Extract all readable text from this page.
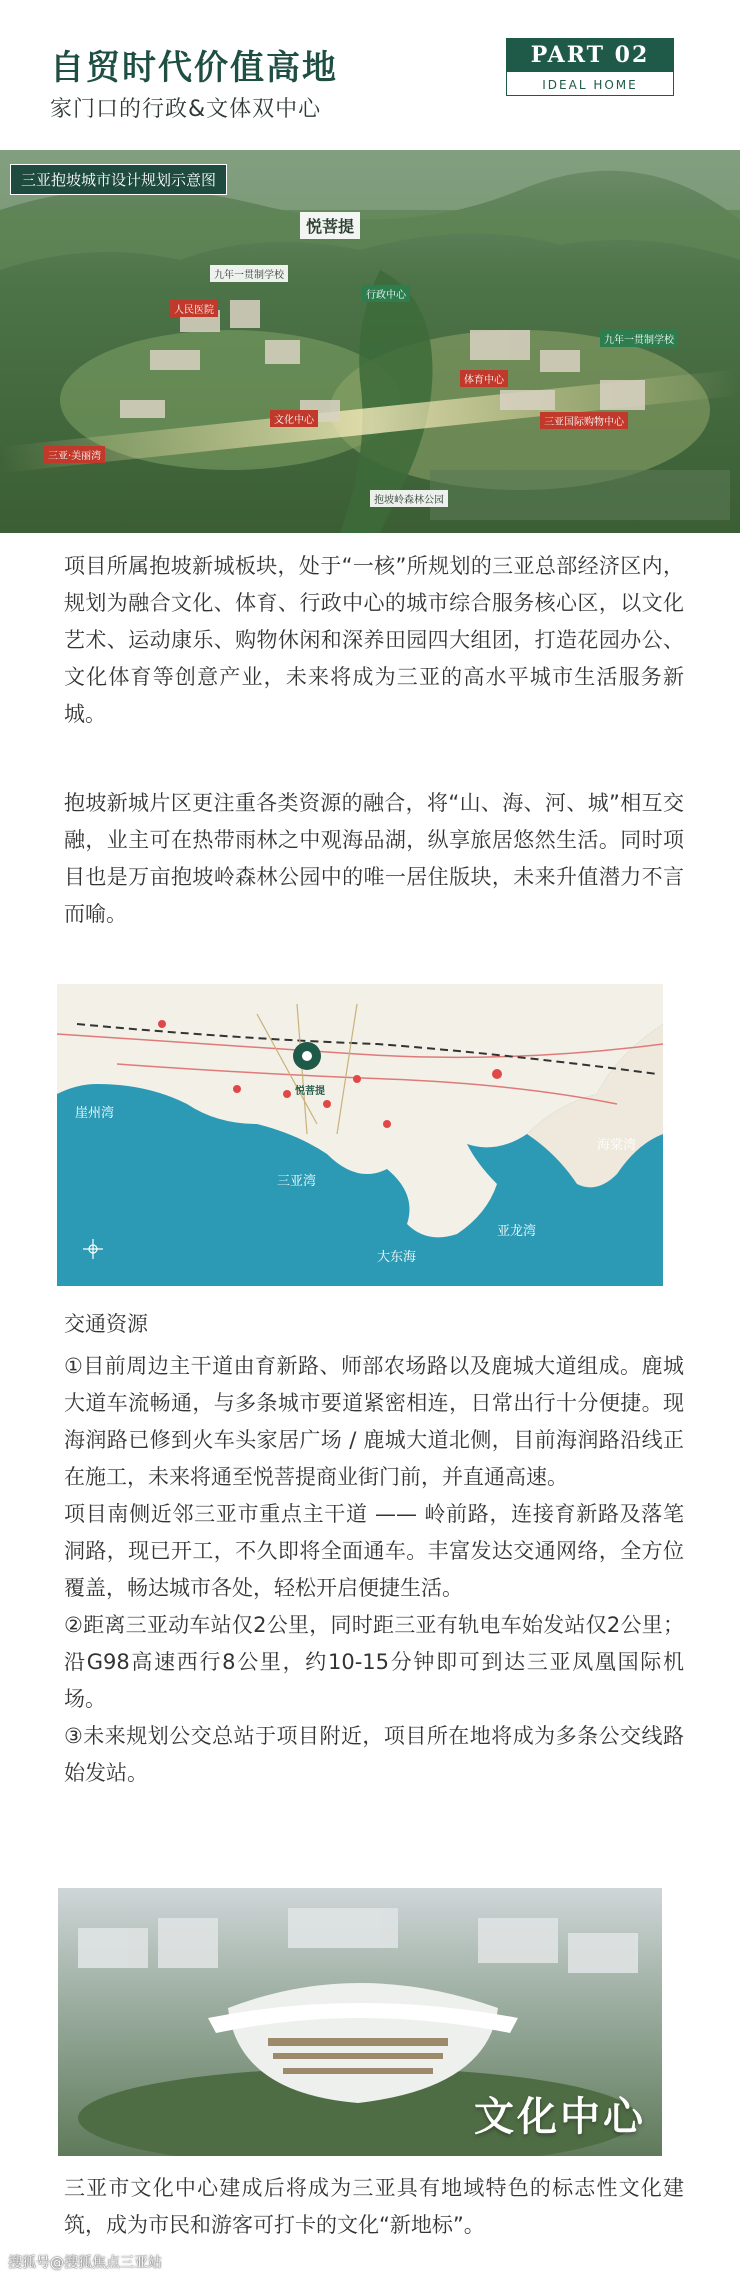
自贸时代价值高地
家门口的行政&文体双中心
PART 02
IDEAL HOME
三亚抱坡城市设计规划示意图
悦菩提
九年一贯制学校
人民医院
三亚·美丽湾
行政中心
体育中心
文化中心
九年一贯制学校
抱坡岭森林公园
三亚国际购物中心
项目所属抱坡新城板块，处于“一核”所规划的三亚总部经济区内，规划为融合文化、体育、行政中心的城市综合服务核心区，以文化艺术、运动康乐、购物休闲和深养田园四大组团，打造花园办公、文化体育等创意产业，未来将成为三亚的高水平城市生活服务新城。
抱坡新城片区更注重各类资源的融合，将“山、海、河、城”相互交融，业主可在热带雨林之中观海品湖，纵享旅居悠然生活。同时项目也是万亩抱坡岭森林公园中的唯一居住版块，未来升值潜力不言而喻。
崖州湾
三亚湾
大东海
亚龙湾
海棠湾
悦菩提
交通资源

①目前周边主干道由育新路、师部农场路以及鹿城大道组成。鹿城大道车流畅通，与多条城市要道紧密相连，日常出行十分便捷。现海润路已修到火车头家居广场 / 鹿城大道北侧，目前海润路沿线正在施工，未来将通至悦菩提商业街门前，并直通高速。

项目南侧近邻三亚市重点主干道 —— 岭前路，连接育新路及落笔洞路，现已开工，不久即将全面通车。丰富发达交通网络，全方位覆盖，畅达城市各处，轻松开启便捷生活。

②距离三亚动车站仅2公里，同时距三亚有轨电车始发站仅2公里；沿G98高速西行8公里，约10-15分钟即可到达三亚凤凰国际机场。

③未来规划公交总站于项目附近，项目所在地将成为多条公交线路始发站。

文化中心
三亚市文化中心建成后将成为三亚具有地域特色的标志性文化建筑，成为市民和游客可打卡的文化“新地标”。
搜狐号@搜狐焦点三亚站
